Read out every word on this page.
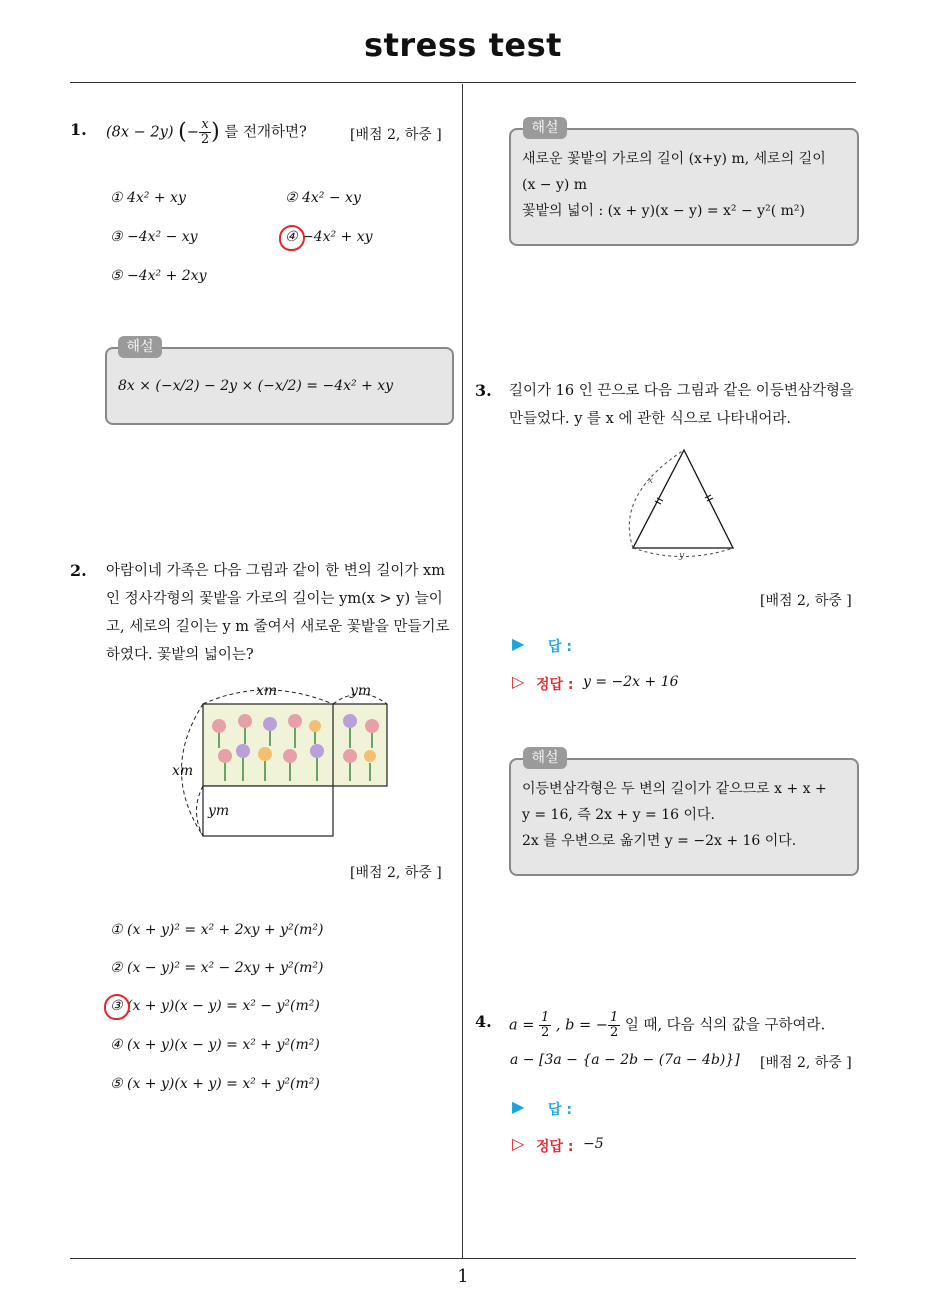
stress test
1
1. (8x − 2y) (− $\frac{x}{2}$ ) 를 전개하면?	[배점 2, 하중 ]
① 4x² + xy	② 4x² − xy
③ −4x² − xy	④ −4x² + xy
⑤ −4x² + 2xy
해설
8x × (−x/2) − 2y × (−x/2) = −4x² + xy
2. 아람이네 가족은 다음 그림과 같이 한 변의 길이가 xm
인 정사각형의 꽃밭을 가로의 길이는 ym(x > y) 늘이
고, 세로의 길이는 y m 줄여서 새로운 꽃밭을 만들기로
하였다. 꽃밭의 넓이는?
xm	ym
xm
ym
[배점 2, 하중 ]
① (x + y)² = x² + 2xy + y²(m²)
② (x − y)² = x² − 2xy + y²(m²)
③ (x + y)(x − y) = x² − y²(m²)
④ (x + y)(x − y) = x² + y²(m²)
⑤ (x + y)(x + y) = x² + y²(m²)
해설
새로운 꽃밭의 가로의 길이 (x+y) m, 세로의 길이
(x − y) m
꽃밭의 넓이 : (x + y)(x − y) = x² − y²( m²)
3. 길이가 16 인 끈으로 다음 그림과 같은 이등변삼각형을
만들었다. y 를 x 에 관한 식으로 나타내어라.
x
y
[배점 2, 하중 ]
▶ 답 :
▷ 정답 : y = −2x + 16
해설
이등변삼각형은 두 변의 길이가 같으므로 x + x +
y = 16, 즉 2x + y = 16 이다.
2x 를 우변으로 옮기면 y = −2x + 16 이다.
4. $a = \frac{1}{2}$ , b = − $\frac{1}{2}$ 일 때, 다음 식의 값을 구하여라.
a − [3a − {a − 2b − (7a − 4b)}] [배점 2, 하중 ]
▶ 답 :
▷ 정답 : −5
